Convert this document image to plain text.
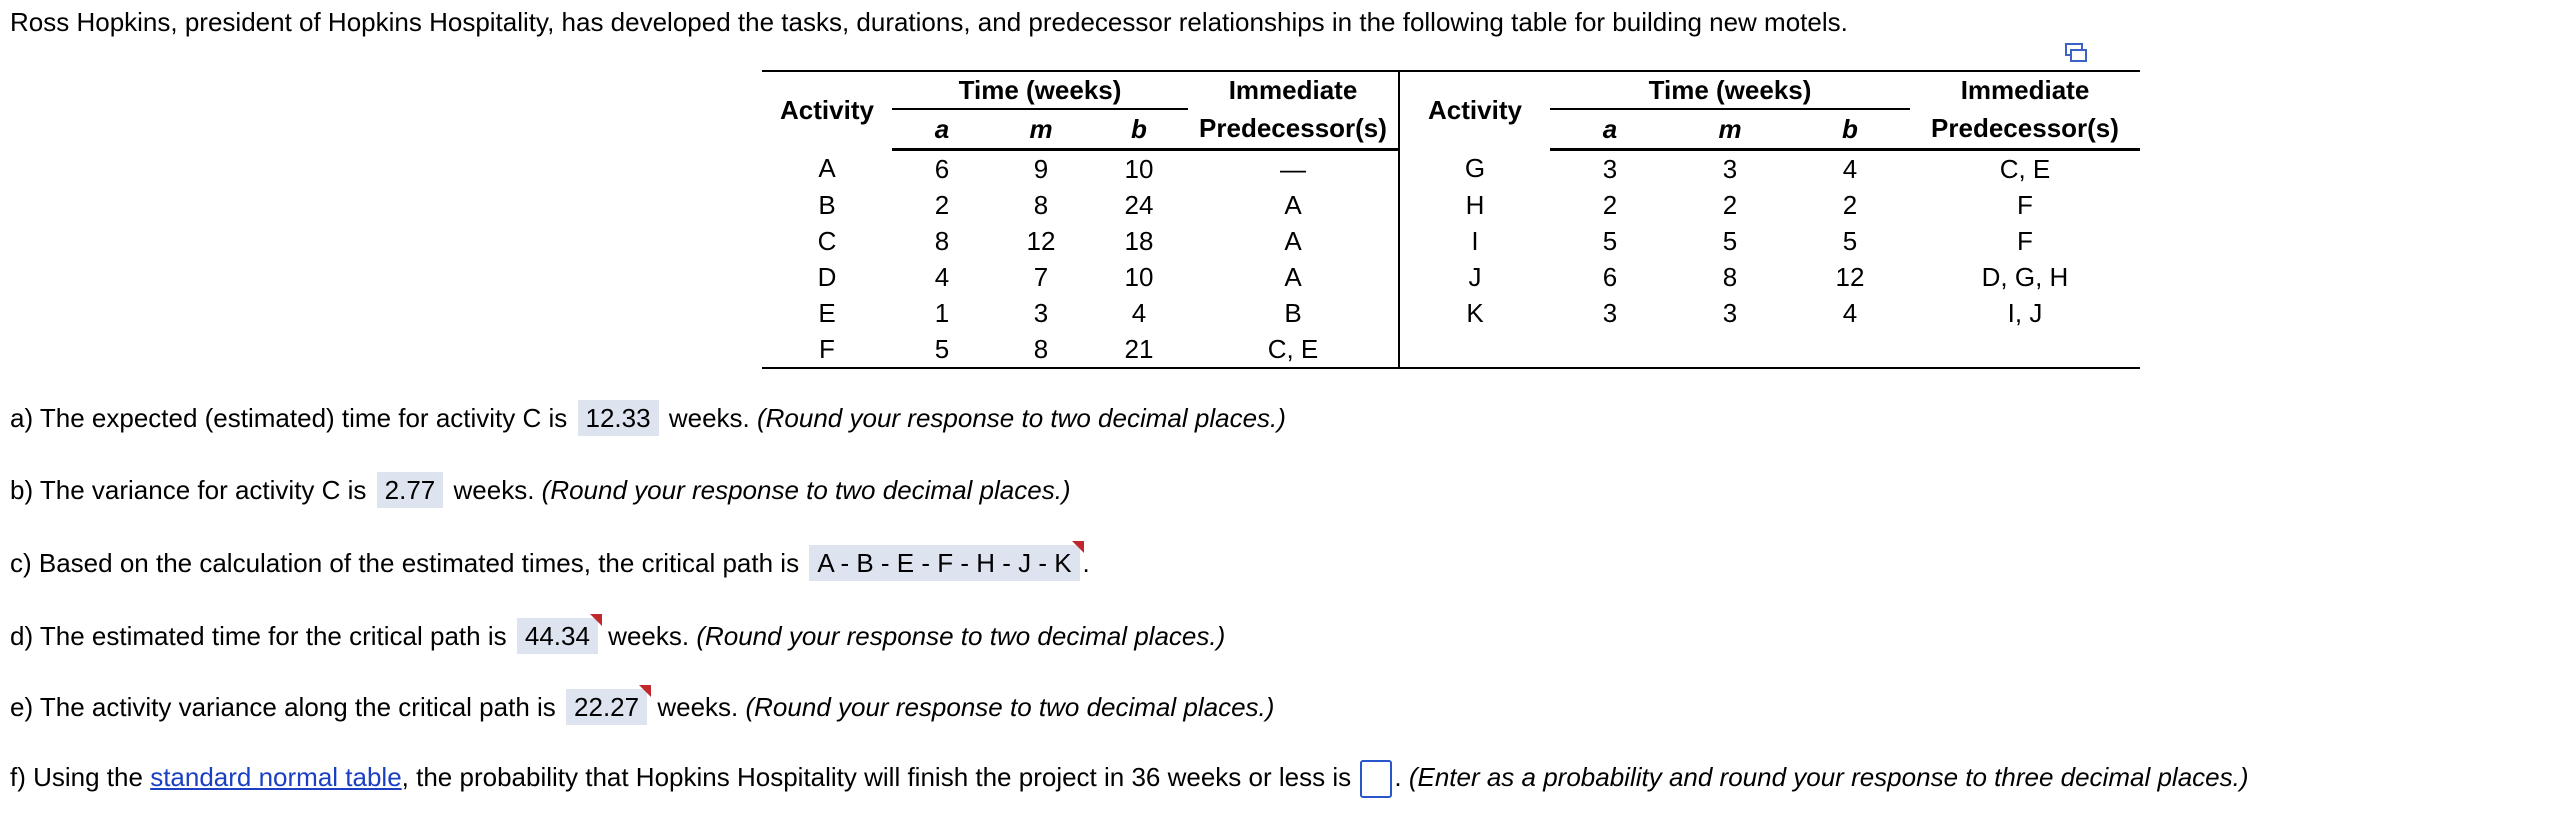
Ross Hopkins, president of Hopkins Hospitality, has developed the tasks, durations, and predecessor relationships in the following table for building new motels.
Activity	Time (weeks)			Immediate	Activity	Time (weeks)			Immediate
	a	m	b	Predecessor(s)		a	m	b	Predecessor(s)
A	6	9	10	—	G	3	3	4	C, E
B	2	8	24	A	H	2	2	2	F
C	8	12	18	A	I	5	5	5	F
D	4	7	10	A	J	6	8	12	D, G, H
E	1	3	4	B	K	3	3	4	I, J
F	5	8	21	C, E					
a) The expected (estimated) time for activity C is 12.33 weeks. (Round your response to two decimal places.)
b) The variance for activity C is 2.77 weeks. (Round your response to two decimal places.)
c) Based on the calculation of the estimated times, the critical path is A - B - E - F - H - J - K .
d) The estimated time for the critical path is 44.34 weeks. (Round your response to two decimal places.)
e) The activity variance along the critical path is 22.27 weeks. (Round your response to two decimal places.)
f) Using the standard normal table, the probability that Hopkins Hospitality will finish the project in 36 weeks or less is . (Enter as a probability and round your response to three decimal places.)
